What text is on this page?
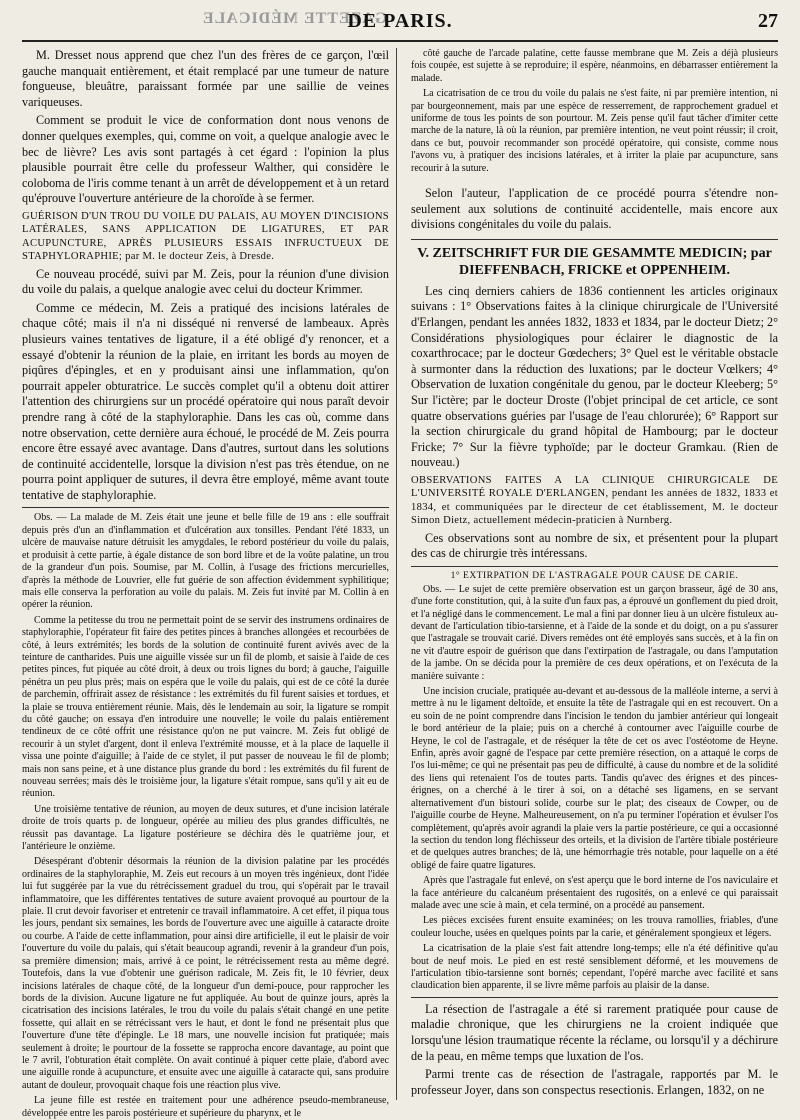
GAZETTE MÉDICALE
DE PARIS.	27

M. Dresset nous apprend que chez l'un des frères de ce garçon, l'œil gauche manquait entièrement, et était remplacé par une tumeur de nature fongueuse, bleuâtre, paraissant formée par une saillie de veines variqueuses.

Comment se produit le vice de conformation dont nous venons de donner quelques exemples, qui, comme on voit, a quelque analogie avec le bec de lièvre? Les avis sont partagés à cet égard : l'opinion la plus plausible pourrait être celle du professeur Walther, qui considère le coloboma de l'iris comme tenant à un arrêt de développement et à un retard qu'éprouve l'ouverture antérieure de la choroïde à se fermer.

GUÉRISON D'UN TROU DU VOILE DU PALAIS, AU MOYEN D'INCISIONS LATÉRALES, SANS APPLICATION DE LIGATURES, ET PAR ACUPUNCTURE, APRÈS PLUSIEURS ESSAIS INFRUCTUEUX DE STAPHYLORAPHIE; par M. le docteur Zeis, à Dresde.

Ce nouveau procédé, suivi par M. Zeis, pour la réunion d'une division du voile du palais, a quelque analogie avec celui du docteur Krimmer.

Comme ce médecin, M. Zeis a pratiqué des incisions latérales de chaque côté; mais il n'a ni disséqué ni renversé de lambeaux. Après plusieurs vaines tentatives de ligature, il a été obligé d'y renoncer, et a essayé d'obtenir la réunion de la plaie, en irritant les bords au moyen de piqûres d'épingles, et en y produisant ainsi une inflammation, qu'on pourrait appeler obturatrice. Le succès complet qu'il a obtenu doit attirer l'attention des chirurgiens sur un procédé opératoire qui nous paraît devoir prendre rang à côté de la staphyloraphie. Dans les cas où, comme dans notre observation, cette dernière aura échoué, le procédé de M. Zeis pourra encore être essayé avec avantage. Dans d'autres, surtout dans les solutions de continuité accidentelle, lorsque la division n'est pas très étendue, on ne pourra point appliquer de sutures, il devra être employé, même avant toute tentative de staphyloraphie.

Obs. — La malade de M. Zeis était une jeune et belle fille de 19 ans : elle souffrait depuis près d'un an d'inflammation et d'ulcération aux tonsilles. Pendant l'été 1833, un ulcère de mauvaise nature détruisit les amygdales, le rebord postérieur du voile du palais, et produisit à cette partie, à égale distance de son bord libre et de la voûte palatine, un trou de la grandeur d'un pois. Soumise, par M. Collin, à l'usage des frictions mercurielles, d'après la méthode de Louvrier, elle fut guérie de son affection évidemment syphilitique; mais elle conserva la perforation au voile du palais. M. Zeis fut invité par M. Collin à en opérer la réunion.

Comme la petitesse du trou ne permettait point de se servir des instrumens ordinaires de staphyloraphie, l'opérateur fit faire des petites pinces à branches allongées et recourbées de côté, à leurs extrémités; les bords de la solution de continuité furent avivés avec de la teinture de cantharides. Puis une aiguille vissée sur un fil de plomb, et saisie à l'aide de ces petites pinces, fut piquée au côté droit, à deux ou trois lignes du bord; à gauche, l'aiguille pénétra un peu plus près; mais on espéra que le voile du palais, qui est de ce côté la durée de parchemin, offrirait assez de résistance : les extrémités du fil furent saisies et tordues, et la plaie se trouva entièrement réunie. Mais, dès le lendemain au soir, la ligature se rompit du côté gauche; on essaya d'en introduire une nouvelle; le voile du palais entièrement tendineux de ce côté offrit une résistance qu'on ne put vaincre. M. Zeis fut obligé de recourir à un stylet d'argent, dont il enleva l'extrémité mousse, et à la place de laquelle il vissa une pointe d'aiguille; à l'aide de ce stylet, il put passer de nouveau le fil de plomb; mais non sans peine, et à une distance plus grande du bord : les extrémités du fil furent de nouveau serrées; mais dès le troisième jour, la ligature s'était rompue, sans qu'il y ait eu de réunion.

Une troisième tentative de réunion, au moyen de deux sutures, et d'une incision latérale droite de trois quarts p. de longueur, opérée au milieu des plus grandes difficultés, ne réussit pas davantage. La ligature postérieure se déchira dès le quatrième jour, et l'antérieure le onzième.

Désespérant d'obtenir désormais la réunion de la division palatine par les procédés ordinaires de la staphyloraphie, M. Zeis eut recours à un moyen très ingénieux, dont l'idée lui fut suggérée par la vue du rétrécissement graduel du trou, qui s'opérait par le travail inflammatoire, que les différentes tentatives de suture avaient provoqué au pourtour de la plaie. Il crut devoir favoriser et entretenir ce travail inflammatoire. A cet effet, il piqua tous les jours, pendant six semaines, les bords de l'ouverture avec une aiguille à cataracte droite ou courbe. A l'aide de cette inflammation, pour ainsi dire artificielle, il eut le plaisir de voir l'ouverture du voile du palais, qui s'était beaucoup agrandi, revenir à la grandeur d'un pois, sa première dimension; mais, arrivé à ce point, le rétrécissement resta au même degré. Toutefois, dans la vue d'obtenir une guérison radicale, M. Zeis fit, le 10 février, deux incisions latérales de chaque côté, de la longueur d'un demi-pouce, pour rapprocher les bords de la division. Aucune ligature ne fut appliquée. Au bout de quinze jours, après la cicatrisation des incisions latérales, le trou du voile du palais s'était changé en une petite fossette, qui allait en se rétrécissant vers le haut, et dont le fond ne présentait plus que l'ouverture d'une tête d'épingle. Le 18 mars, une nouvelle incision fut pratiquée; mais seulement à droite; le pourtour de la fossette se rapprocha encore davantage, au point que le 7 avril, l'obturation était complète. On avait continué à piquer cette plaie, d'abord avec une aiguille ronde à acupuncture, et ensuite avec une aiguille à cataracte qui, sans produire autant de douleur, provoquait chaque fois une réaction plus vive.

La jeune fille est restée en traitement pour une adhérence pseudo-membraneuse, développée entre les parois postérieure et supérieure du pharynx, et le

côté gauche de l'arcade palatine, cette fausse membrane que M. Zeis a déjà plusieurs fois coupée, est sujette à se reproduire; il espère, néanmoins, en débarrasser entièrement la malade.

La cicatrisation de ce trou du voile du palais ne s'est faite, ni par première intention, ni par bourgeonnement, mais par une espèce de resserrement, de rapprochement graduel et uniforme de tous les points de son pourtour. M. Zeis pense qu'il faut tâcher d'imiter cette marche de la nature, là où la réunion, par première intention, ne veut point réussir; il croit, dans ce but, pouvoir recommander son procédé opératoire, qui consiste, comme nous l'avons vu, à pratiquer des incisions latérales, et à irriter la plaie par acupuncture, sans recourir à la suture.

Selon l'auteur, l'application de ce procédé pourra s'étendre non-seulement aux solutions de continuité accidentelle, mais encore aux divisions congénitales du voile du palais.

V. ZEITSCHRIFT FUR DIE GESAMMTE MEDICIN; par DIEFFENBACH, FRICKE et OPPENHEIM.

Les cinq derniers cahiers de 1836 contiennent les articles originaux suivans : 1° Observations faites à la clinique chirurgicale de l'Université d'Erlangen, pendant les années 1832, 1833 et 1834, par le docteur Dietz; 2° Considérations physiologiques pour éclairer le diagnostic de la coxarthrocace; par le docteur Gœdechers; 3° Quel est le véritable obstacle à surmonter dans la réduction des luxations; par le docteur Vœlkers; 4° Observation de luxation congénitale du genou, par le docteur Kleeberg; 5° Sur l'ictère; par le docteur Droste (l'objet principal de cet article, ce sont quatre observations guéries par l'usage de l'eau chlorurée); 6° Rapport sur la section chirurgicale du grand hôpital de Hambourg; par le docteur Fricke; 7° Sur la fièvre typhoïde; par le docteur Gramkau. (Rien de nouveau.)

OBSERVATIONS FAITES A LA CLINIQUE CHIRURGICALE DE L'UNIVERSITÉ ROYALE D'ERLANGEN, pendant les années de 1832, 1833 et 1834, et communiquées par le directeur de cet établissement, M. le docteur Simon Dietz, actuellement médecin-praticien à Nurnberg.

Ces observations sont au nombre de six, et présentent pour la plupart des cas de chirurgie très intéressans.

1° EXTIRPATION DE L'ASTRAGALE POUR CAUSE DE CARIE.

Obs. — Le sujet de cette première observation est un garçon brasseur, âgé de 30 ans, d'une forte constitution, qui, à la suite d'un faux pas, a éprouvé un gonflement du pied droit, et l'a négligé dans le commencement. Le mal a fini par donner lieu à un ulcère fistuleux au-devant de l'articulation tibio-tarsienne, et à l'aide de la sonde et du doigt, on a pu s'assurer que l'astragale se trouvait carié. Divers remèdes ont été employés sans succès, et à la fin on ne vit d'autre espoir de guérison que dans l'extirpation de l'astragale, ou dans l'amputation de la jambe. On se décida pour la première de ces deux opérations, et on l'exécuta de la manière suivante :

Une incision cruciale, pratiquée au-devant et au-dessous de la malléole interne, a servi à mettre à nu le ligament deltoïde, et ensuite la tête de l'astragale qui en est recouvert. On a eu soin de ne point comprendre dans l'incision le tendon du jambier antérieur qui longeait le bord antérieur de la plaie; puis on a cherché à contourner avec l'aiguille courbe de Heyne, le col de l'astragale, et de réséquer la tête de cet os avec l'ostéotome de Heyne. Enfin, après avoir gagné de l'espace par cette première résection, on a attaqué le corps de l'os lui-même; ce qui ne présentait pas peu de difficulté, à cause du nombre et de la solidité des liens qui retenaient l'os de toutes parts. Tandis qu'avec des érignes et des pinces-érignes, on a cherché à le tirer à soi, on a détaché ses ligamens, en se servant alternativement d'un bistouri solide, courbe sur le plat; des ciseaux de Cowper, ou de l'aiguille courbe de Heyne. Malheureusement, on n'a pu terminer l'opération et évulser l'os complètement, qu'après avoir agrandi la plaie vers la partie postérieure, ce qui a occasionné la section du tendon long fléchisseur des orteils, et la division de l'artère tibiale postérieure et de quelques autres branches; de là, une hémorrhagie très notable, pour laquelle on a été obligé de faire quatre ligatures.

Après que l'astragale fut enlevé, on s'est aperçu que le bord interne de l'os naviculaire et la face antérieure du calcanéum présentaient des rugosités, on a enlevé ce qui paraissait malade avec une scie à main, et cela terminé, on a procédé au pansement.

Les pièces excisées furent ensuite examinées; on les trouva ramollies, friables, d'une couleur louche, usées en quelques points par la carie, et généralement spongieux et légers.

La cicatrisation de la plaie s'est fait attendre long-temps; elle n'a été définitive qu'au bout de neuf mois. Le pied en est resté sensiblement déformé, et les mouvemens de l'articulation tibio-tarsienne sont bornés; cependant, l'opéré marche avec facilité et sans claudication bien apparente, il se livre même parfois au plaisir de la danse.

La résection de l'astragale a été si rarement pratiquée pour cause de maladie chronique, que les chirurgiens ne la croient indiquée que lorsqu'une lésion traumatique récente la réclame, ou lorsqu'il y a déchirure de la peau, en même temps que luxation de l'os.

Parmi trente cas de résection de l'astragale, rapportés par M. le professeur Joyer, dans son conspectus resectionis. Erlangen, 1832, on ne
